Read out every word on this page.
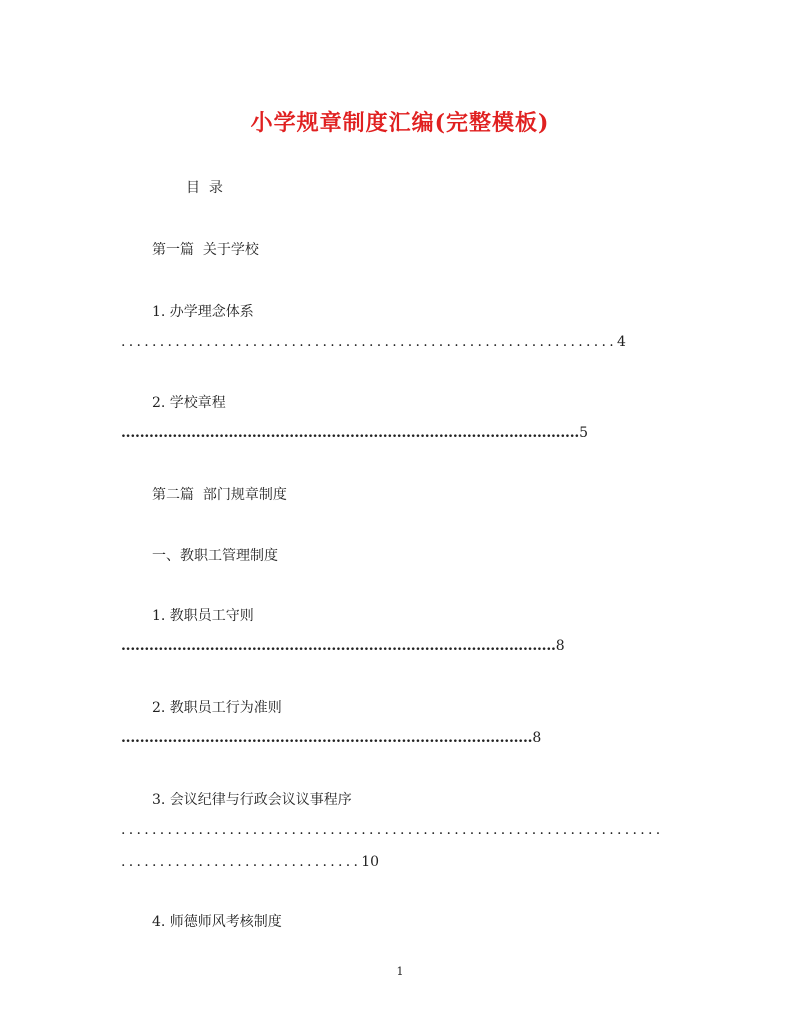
小学规章制度汇编(完整模板)
目  录
第一篇  关于学校
1. 办学理念体系
................................................................4
2. 学校章程
..................................................................................................5
第二篇  部门规章制度
一、教职工管理制度
1. 教职员工守则
.............................................................................................8
2. 教职员工行为准则
........................................................................................8
3. 会议纪律与行政会议议事程序
......................................................................
...............................10
4. 师德师风考核制度
1
